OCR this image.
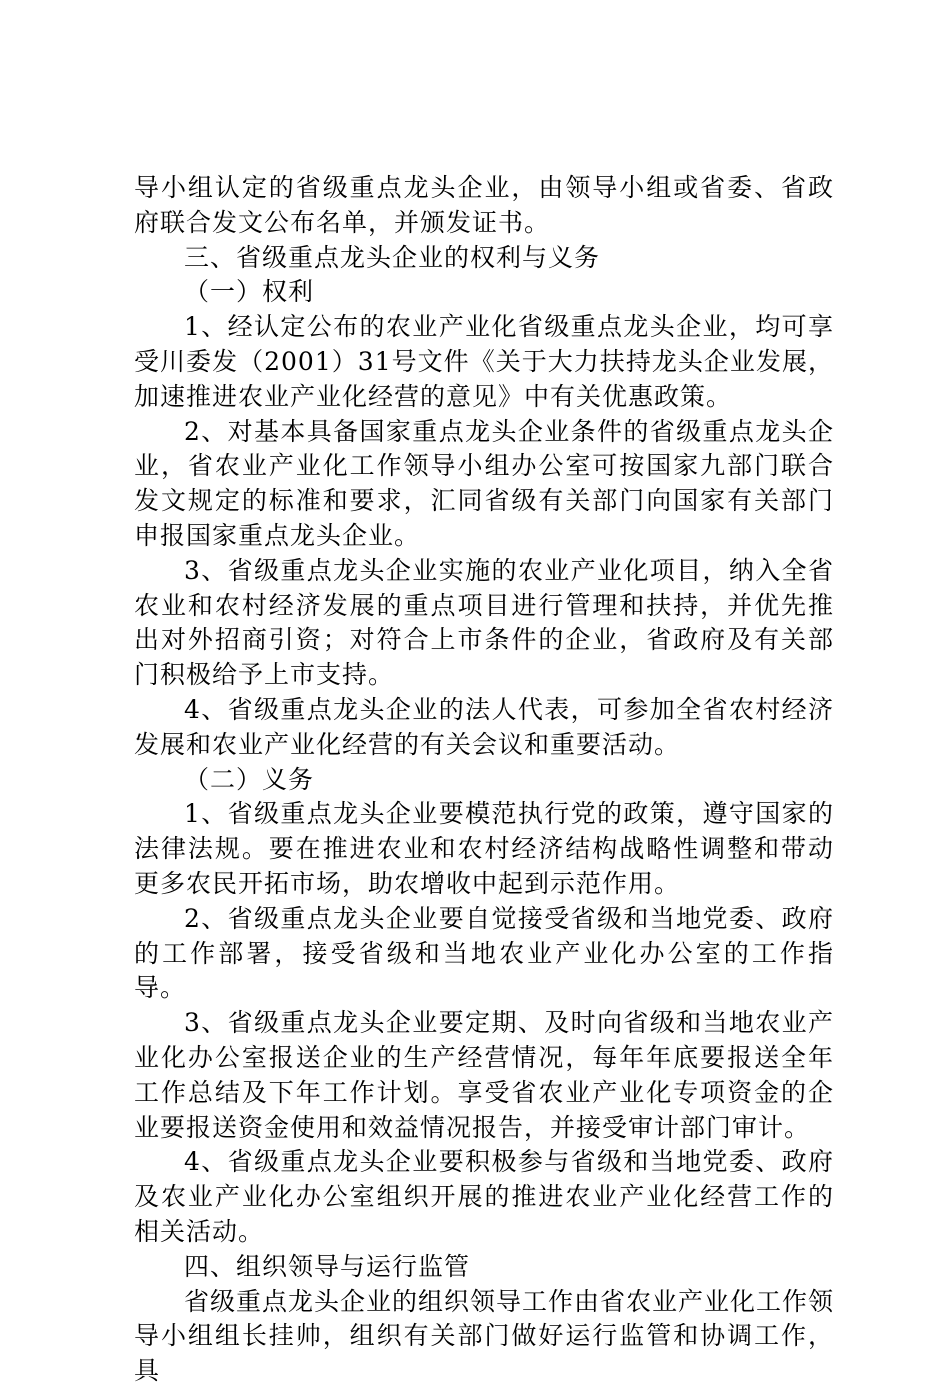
导小组认定的省级重点龙头企业，由领导小组或省委、省政府联合发文公布名单，并颁发证书。

三、省级重点龙头企业的权利与义务

（一）权利

1、经认定公布的农业产业化省级重点龙头企业，均可享受川委发（2001）31号文件《关于大力扶持龙头企业发展，加速推进农业产业化经营的意见》中有关优惠政策。

2、对基本具备国家重点龙头企业条件的省级重点龙头企业，省农业产业化工作领导小组办公室可按国家九部门联合发文规定的标准和要求，汇同省级有关部门向国家有关部门申报国家重点龙头企业。

3、省级重点龙头企业实施的农业产业化项目，纳入全省农业和农村经济发展的重点项目进行管理和扶持，并优先推出对外招商引资；对符合上市条件的企业，省政府及有关部门积极给予上市支持。

4、省级重点龙头企业的法人代表，可参加全省农村经济发展和农业产业化经营的有关会议和重要活动。

（二）义务

1、省级重点龙头企业要模范执行党的政策，遵守国家的法律法规。要在推进农业和农村经济结构战略性调整和带动更多农民开拓市场，助农增收中起到示范作用。

2、省级重点龙头企业要自觉接受省级和当地党委、政府的工作部署，接受省级和当地农业产业化办公室的工作指导。

3、省级重点龙头企业要定期、及时向省级和当地农业产业化办公室报送企业的生产经营情况，每年年底要报送全年工作总结及下年工作计划。享受省农业产业化专项资金的企业要报送资金使用和效益情况报告，并接受审计部门审计。

4、省级重点龙头企业要积极参与省级和当地党委、政府及农业产业化办公室组织开展的推进农业产业化经营工作的相关活动。

四、组织领导与运行监管

省级重点龙头企业的组织领导工作由省农业产业化工作领导小组组长挂帅，组织有关部门做好运行监管和协调工作，具
